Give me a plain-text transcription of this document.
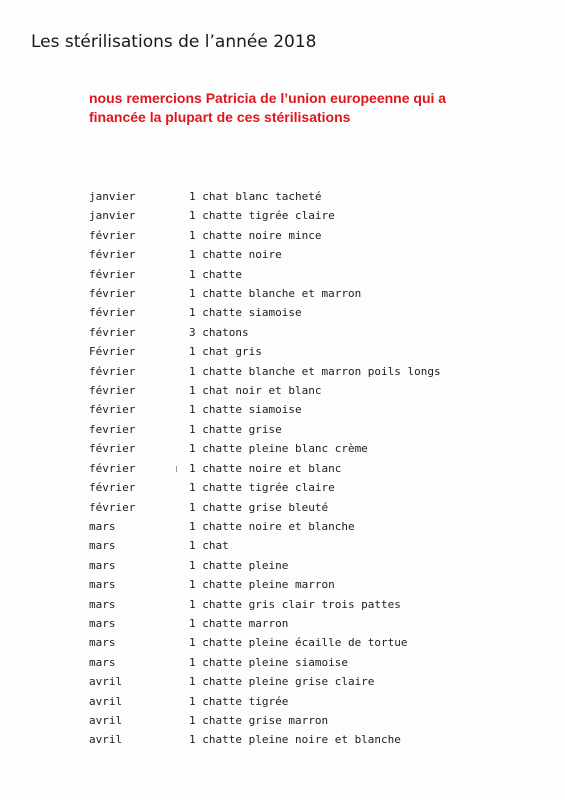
Les stérilisations de l’année 2018
nous remercions Patricia de l’union europeenne qui a
financée la plupart de ces stérilisations
janvier	1 chat blanc tacheté
janvier	1 chatte tigrée claire
février	1 chatte noire mince
février	1 chatte noire
février	1 chatte
février	1 chatte blanche et marron
février	1 chatte siamoise
février	3 chatons
Février	1 chat gris
février	1 chatte blanche et marron poils longs
février	1 chat noir et blanc
février	1 chatte siamoise
fevrier	1 chatte grise
février	1 chatte pleine blanc crème
février	1 chatte noire et blanc
février	1 chatte tigrée claire
février	1 chatte grise bleuté
mars	1 chatte noire et blanche
mars	1 chat
mars	1 chatte pleine
mars	1 chatte pleine marron
mars	1 chatte gris clair trois pattes
mars	1 chatte marron
mars	1 chatte pleine écaille de tortue
mars	1 chatte pleine siamoise
avril	1 chatte pleine grise claire
avril	1 chatte tigrée
avril	1 chatte grise marron
avril	1 chatte pleine noire et blanche
